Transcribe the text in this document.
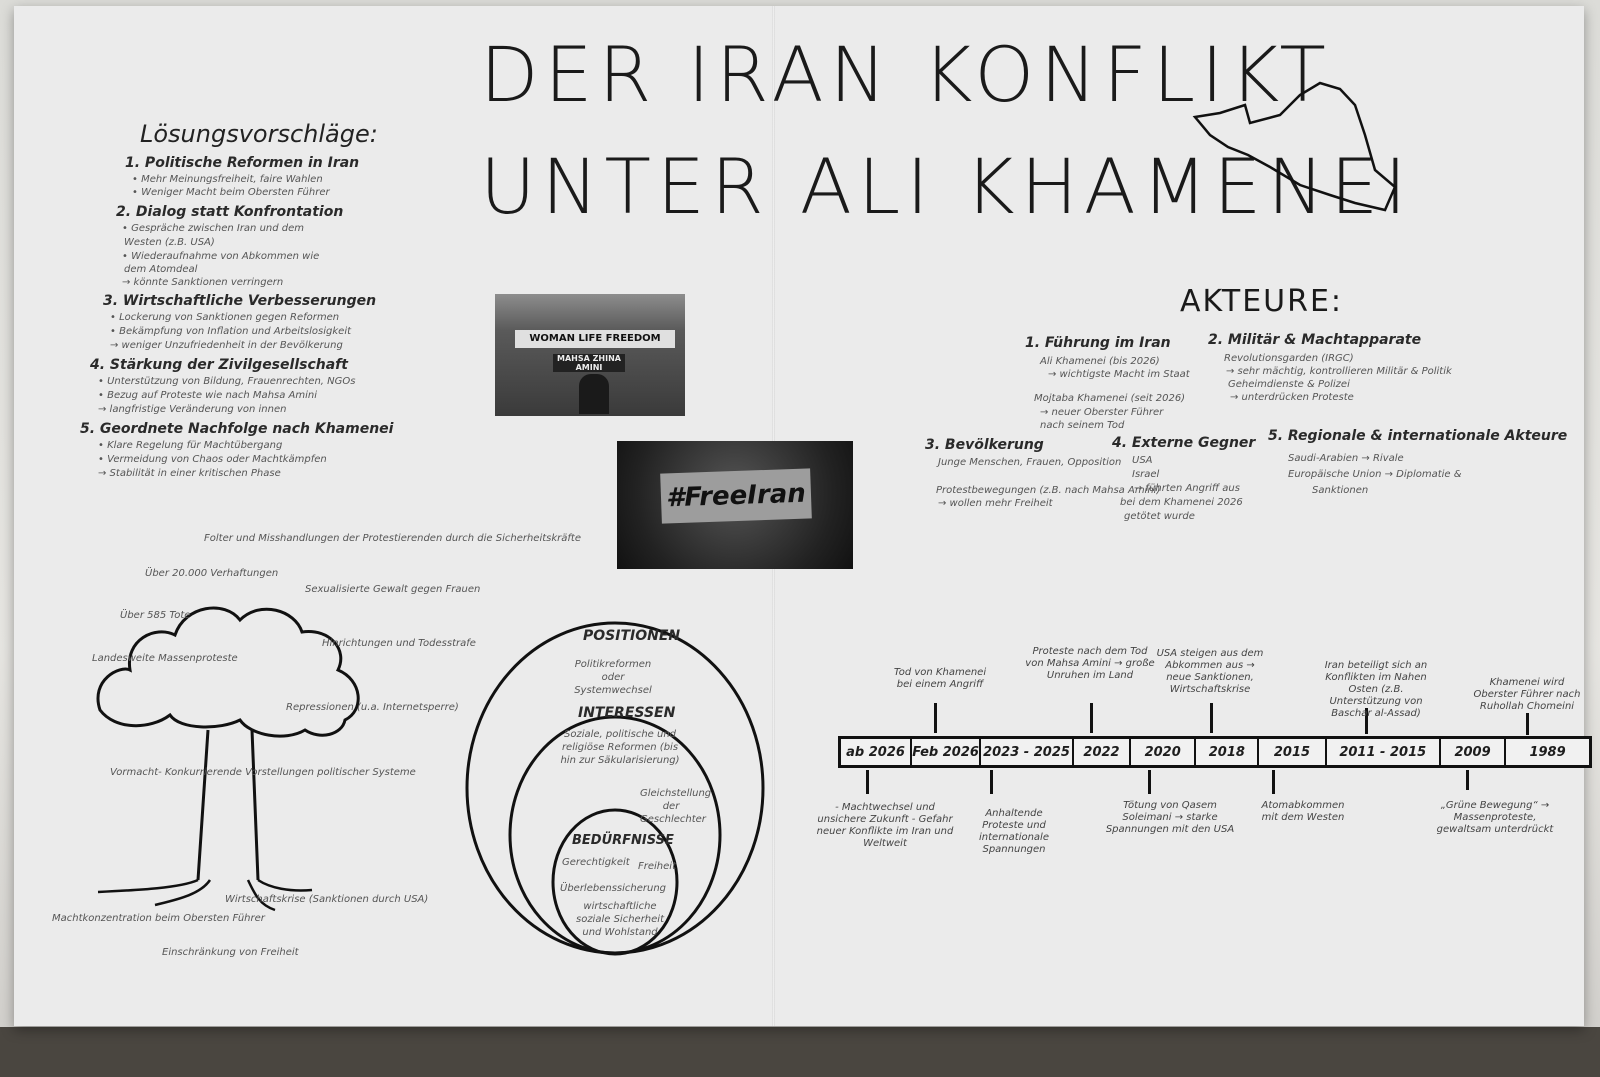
DER IRAN KONFLIKT
UNTER ALI KHAMENEI
Lösungsvorschläge:
1. Politische Reformen in Iran
• Mehr Meinungsfreiheit, faire Wahlen
• Weniger Macht beim Obersten Führer
2. Dialog statt Konfrontation
• Gespräche zwischen Iran und dem
Westen (z.B. USA)
• Wiederaufnahme von Abkommen wie
dem Atomdeal
→ könnte Sanktionen verringern
3. Wirtschaftliche Verbesserungen
• Lockerung von Sanktionen gegen Reformen
• Bekämpfung von Inflation und Arbeitslosigkeit
→ weniger Unzufriedenheit in der Bevölkerung
4. Stärkung der Zivilgesellschaft
• Unterstützung von Bildung, Frauenrechten, NGOs
• Bezug auf Proteste wie nach Mahsa Amini
→ langfristige Veränderung von innen
5. Geordnete Nachfolge nach Khamenei
• Klare Regelung für Machtübergang
• Vermeidung von Chaos oder Machtkämpfen
→ Stabilität in einer kritischen Phase
WOMAN LIFE FREEDOM
MAHSA ZHINA AMINI
#FreeIran
Folter und Misshandlungen der Protestierenden durch die Sicherheitskräfte
Über 20.000 Verhaftungen
Sexualisierte Gewalt gegen Frauen
Über 585 Tote
Hinrichtungen und Todesstrafe
Landesweite Massenproteste
Repressionen (u.a. Internetsperre)
Vormacht- Konkurrierende Vorstellungen politischer Systeme
Wirtschaftskrise (Sanktionen durch USA)
Machtkonzentration beim Obersten Führer
Einschränkung von Freiheit
POSITIONEN
Politikreformen oder Systemwechsel
INTERESSEN
Soziale, politische und religiöse Reformen (bis hin zur Säkularisierung)
Gleichstellung der Geschlechter
BEDÜRFNISSE
Gerechtigkeit Freiheit
Überlebenssicherung
wirtschaftliche soziale Sicherheit und Wohlstand
AKTEURE:
1. Führung im Iran
Ali Khamenei (bis 2026)
→ wichtigste Macht im Staat
Mojtaba Khamenei (seit 2026)
→ neuer Oberster Führer nach seinem Tod
2. Militär & Machtapparate
Revolutionsgarden (IRGC)
→ sehr mächtig, kontrollieren Militär & Politik
Geheimdienste & Polizei
→ unterdrücken Proteste
3. Bevölkerung
Junge Menschen, Frauen, Opposition
Protestbewegungen (z.B. nach Mahsa Amini)
→ wollen mehr Freiheit
4. Externe Gegner
USA
Israel
→ führten Angriff aus
bei dem Khamenei 2026
getötet wurde
5. Regionale & internationale Akteure
Saudi-Arabien → Rivale
Europäische Union → Diplomatie &
Sanktionen
ab 2026 Feb 2026 2023 - 2025	2022	2020	2018	2015	2011 - 2015	2009	1989
Tod von Khamenei bei einem Angriff
Proteste nach dem Tod von Mahsa Amini → große Unruhen im Land
USA steigen aus dem Abkommen aus → neue Sanktionen, Wirtschaftskrise
Iran beteiligt sich an Konflikten im Nahen Osten (z.B. Unterstützung von Baschar al-Assad)
Khamenei wird Oberster Führer nach Ruhollah Chomeini
- Machtwechsel und unsichere Zukunft - Gefahr neuer Konflikte im Iran und Weltweit
Anhaltende Proteste und internationale Spannungen
Tötung von Qasem Soleimani → starke Spannungen mit den USA
Atomabkommen mit dem Westen
„Grüne Bewegung“ → Massenproteste, gewaltsam unterdrückt
